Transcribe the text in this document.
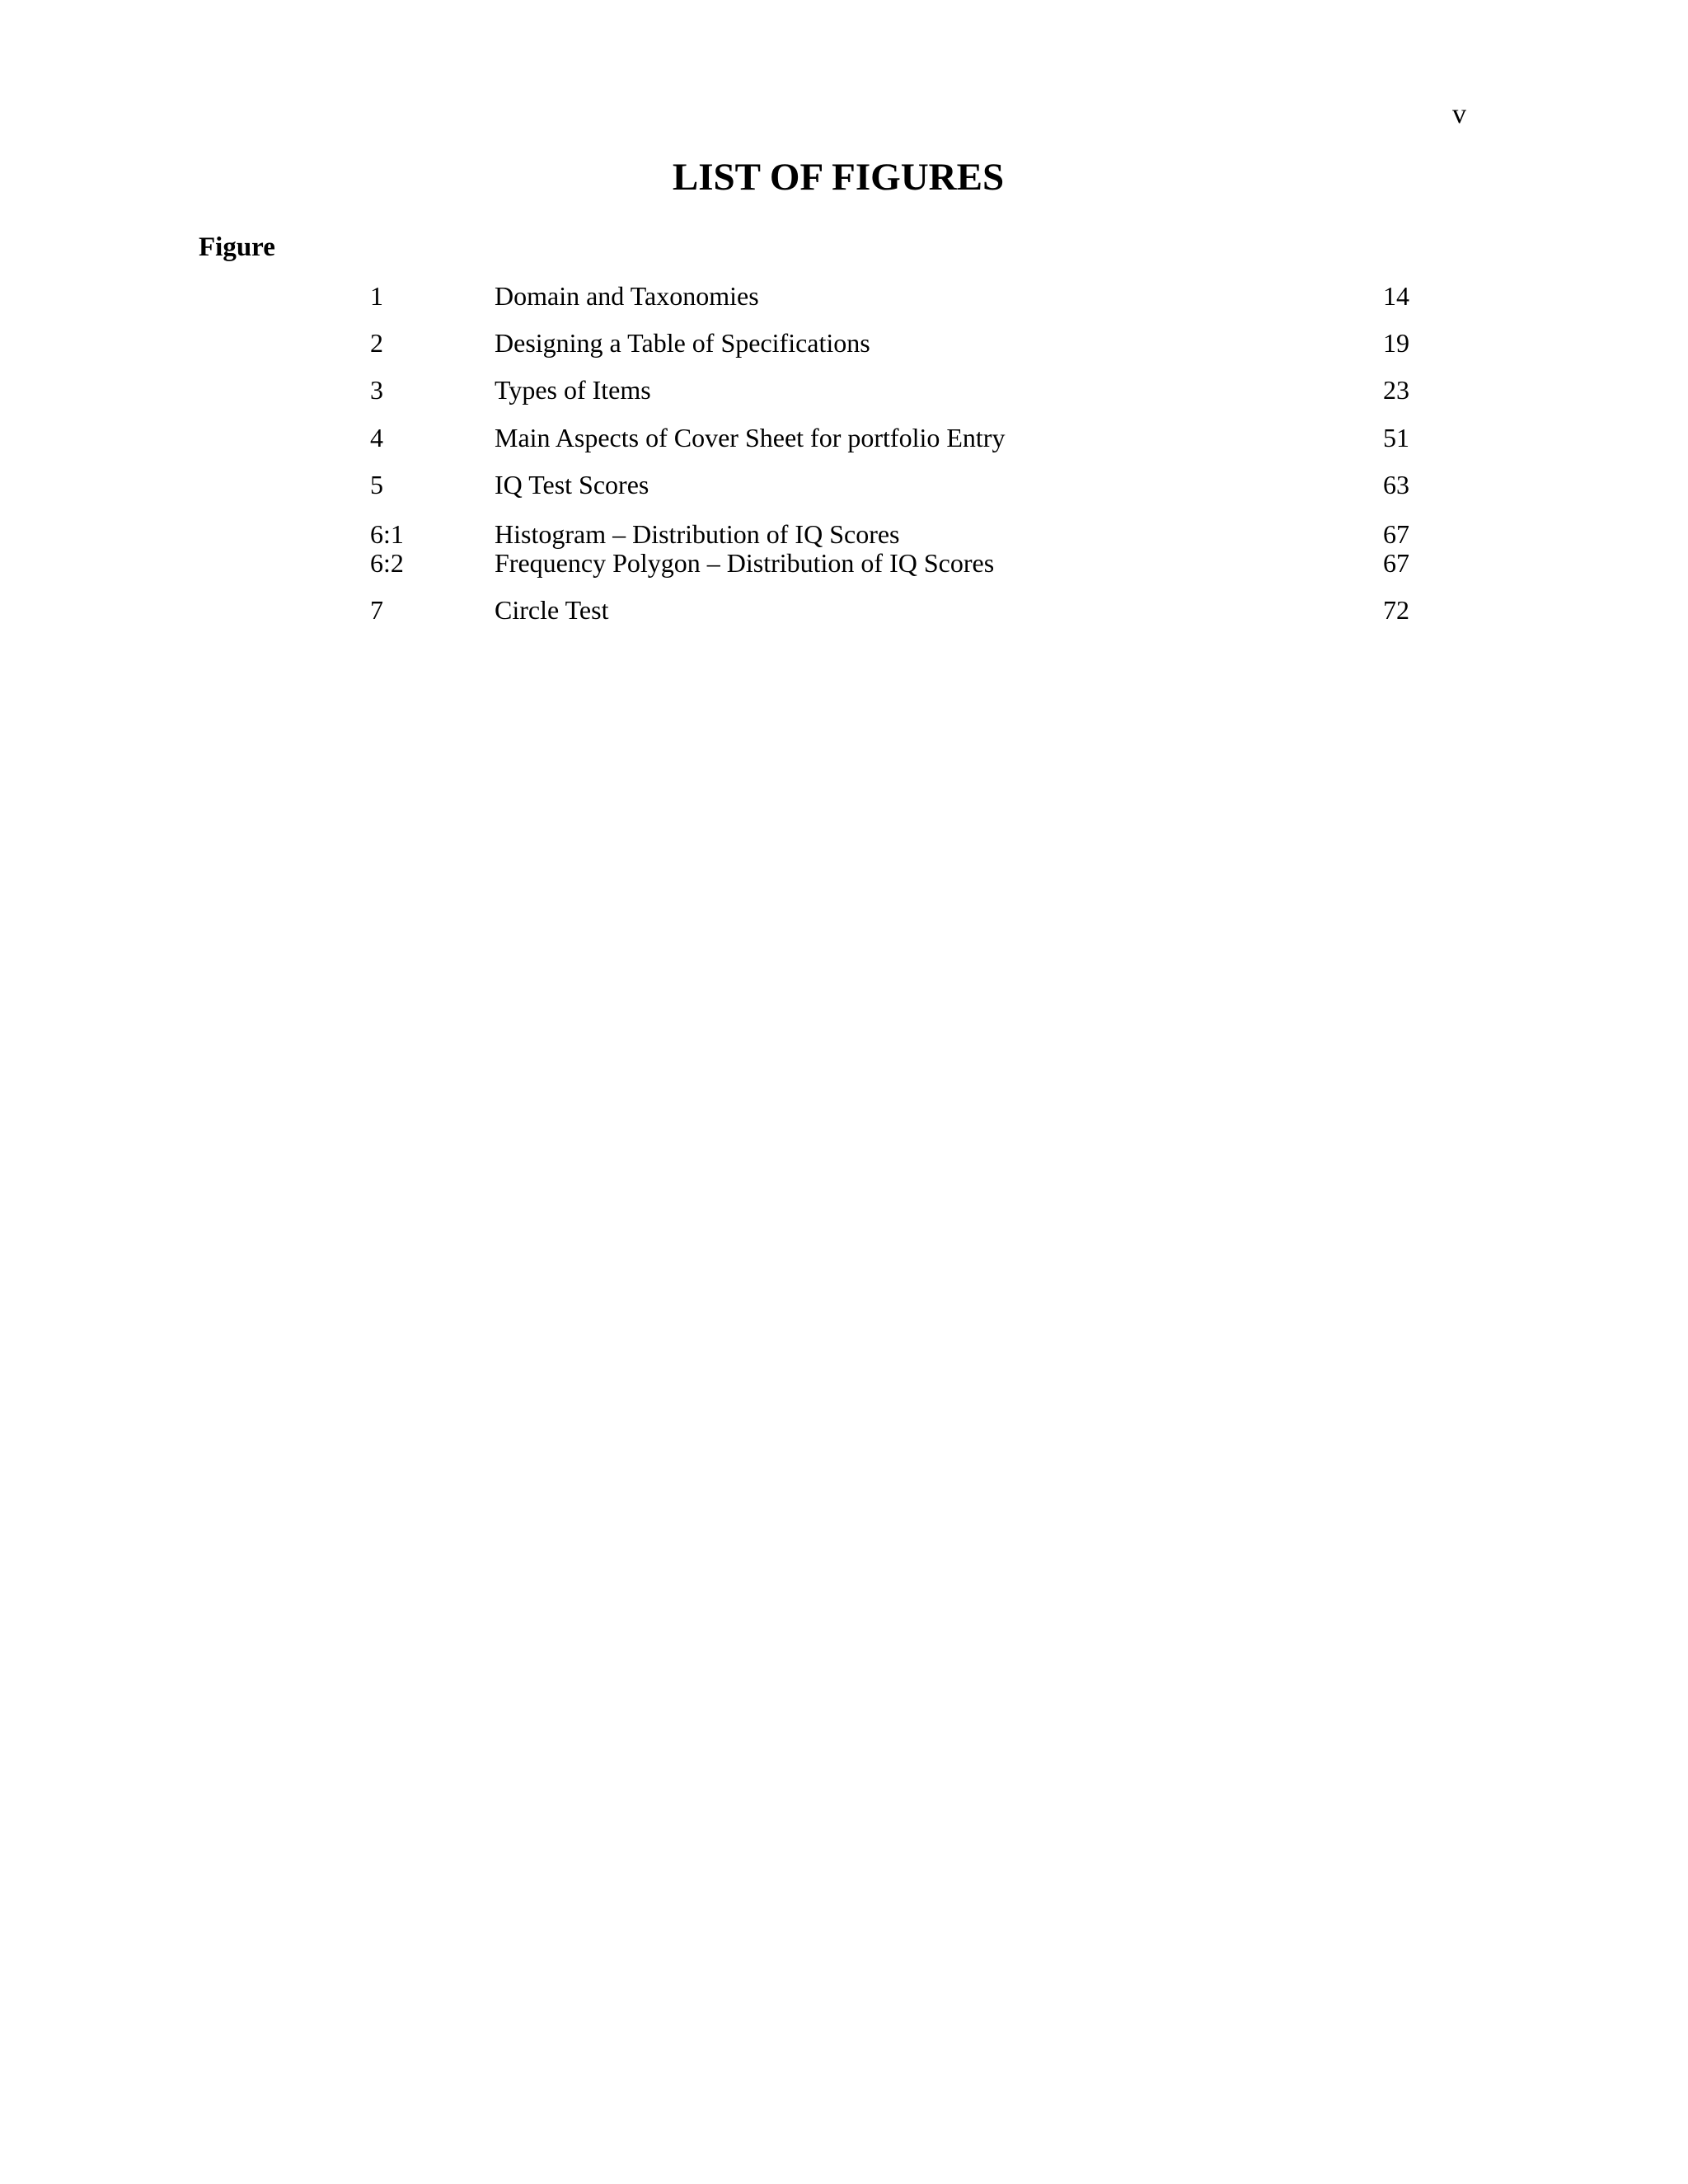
v
LIST OF FIGURES
Figure
1	Domain and Taxonomies	14
2	Designing a Table of Specifications	19
3	Types of Items	23
4	Main Aspects of Cover Sheet for portfolio Entry	51
5	IQ Test Scores	63
6:1	Histogram – Distribution of IQ Scores	67
6:2	Frequency Polygon – Distribution of IQ Scores	67
7	Circle Test	72
